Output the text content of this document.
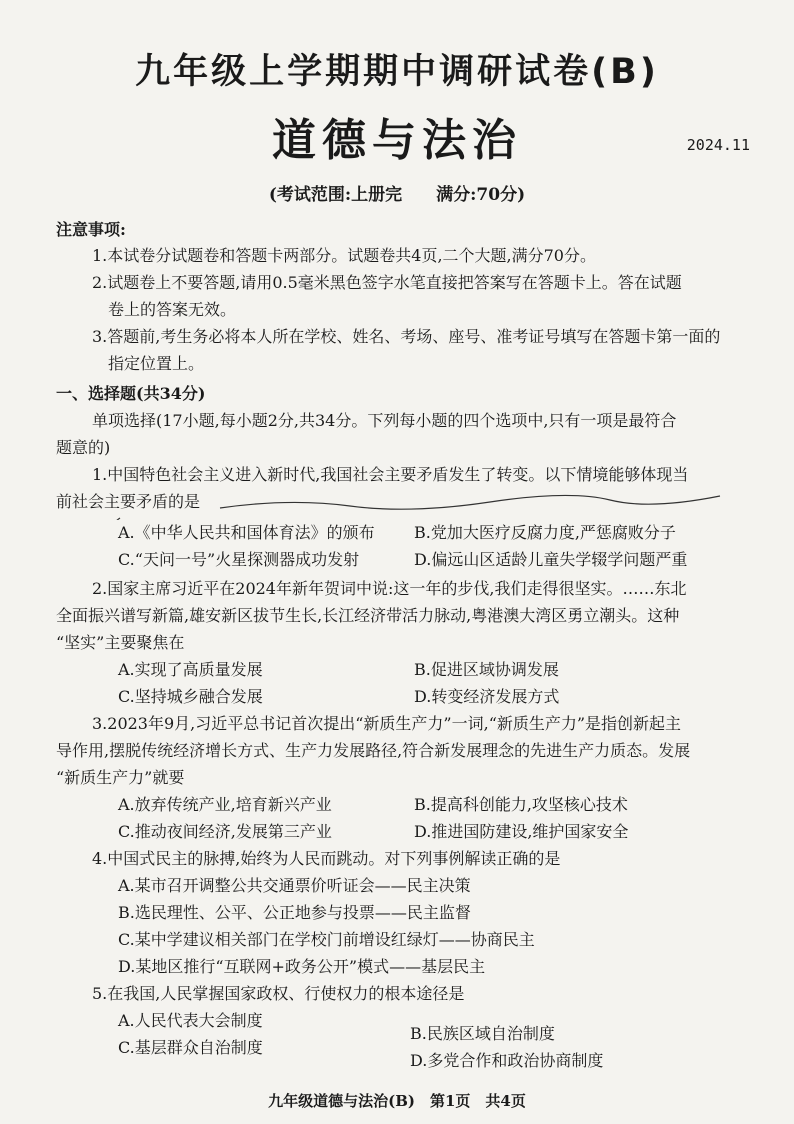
九年级上学期期中调研试卷(B)
道德与法治	2024.11
(考试范围:上册完　　满分:70分)
注意事项:
1.本试卷分试题卷和答题卡两部分。试题卷共4页,二个大题,满分70分。
2.试题卷上不要答题,请用0.5毫米黑色签字水笔直接把答案写在答题卡上。答在试题
卷上的答案无效。
3.答题前,考生务必将本人所在学校、姓名、考场、座号、准考证号填写在答题卡第一面的
指定位置上。
一、选择题(共34分)
单项选择(17小题,每小题2分,共34分。下列每小题的四个选项中,只有一项是最符合
题意的)
1.中国特色社会主义进入新时代,我国社会主要矛盾发生了转变。以下情境能够体现当
前社会主要矛盾的是
A.《中华人民共和国体育法》的颁布 B.党加大医疗反腐力度,严惩腐败分子
C.“天问一号”火星探测器成功发射	D.偏远山区适龄儿童失学辍学问题严重
2.国家主席习近平在2024年新年贺词中说:这一年的步伐,我们走得很坚实。……东北
全面振兴谱写新篇,雄安新区拔节生长,长江经济带活力脉动,粤港澳大湾区勇立潮头。这种
“坚实”主要聚焦在
A.实现了高质量发展	B.促进区域协调发展
C.坚持城乡融合发展	D.转变经济发展方式
3.2023年9月,习近平总书记首次提出“新质生产力”一词,“新质生产力”是指创新起主
导作用,摆脱传统经济增长方式、生产力发展路径,符合新发展理念的先进生产力质态。发展
“新质生产力”就要
A.放弃传统产业,培育新兴产业	B.提高科创能力,攻坚核心技术
C.推动夜间经济,发展第三产业	D.推进国防建设,维护国家安全
4.中国式民主的脉搏,始终为人民而跳动。对下列事例解读正确的是
A.某市召开调整公共交通票价听证会——民主决策
B.选民理性、公平、公正地参与投票——民主监督
C.某中学建议相关部门在学校门前增设红绿灯——协商民主
D.某地区推行“互联网+政务公开”模式——基层民主
5.在我国,人民掌握国家政权、行使权力的根本途径是
A.人民代表大会制度
B.民族区域自治制度
C.基层群众自治制度
D.多党合作和政治协商制度
九年级道德与法治(B)　第1页　共4页
